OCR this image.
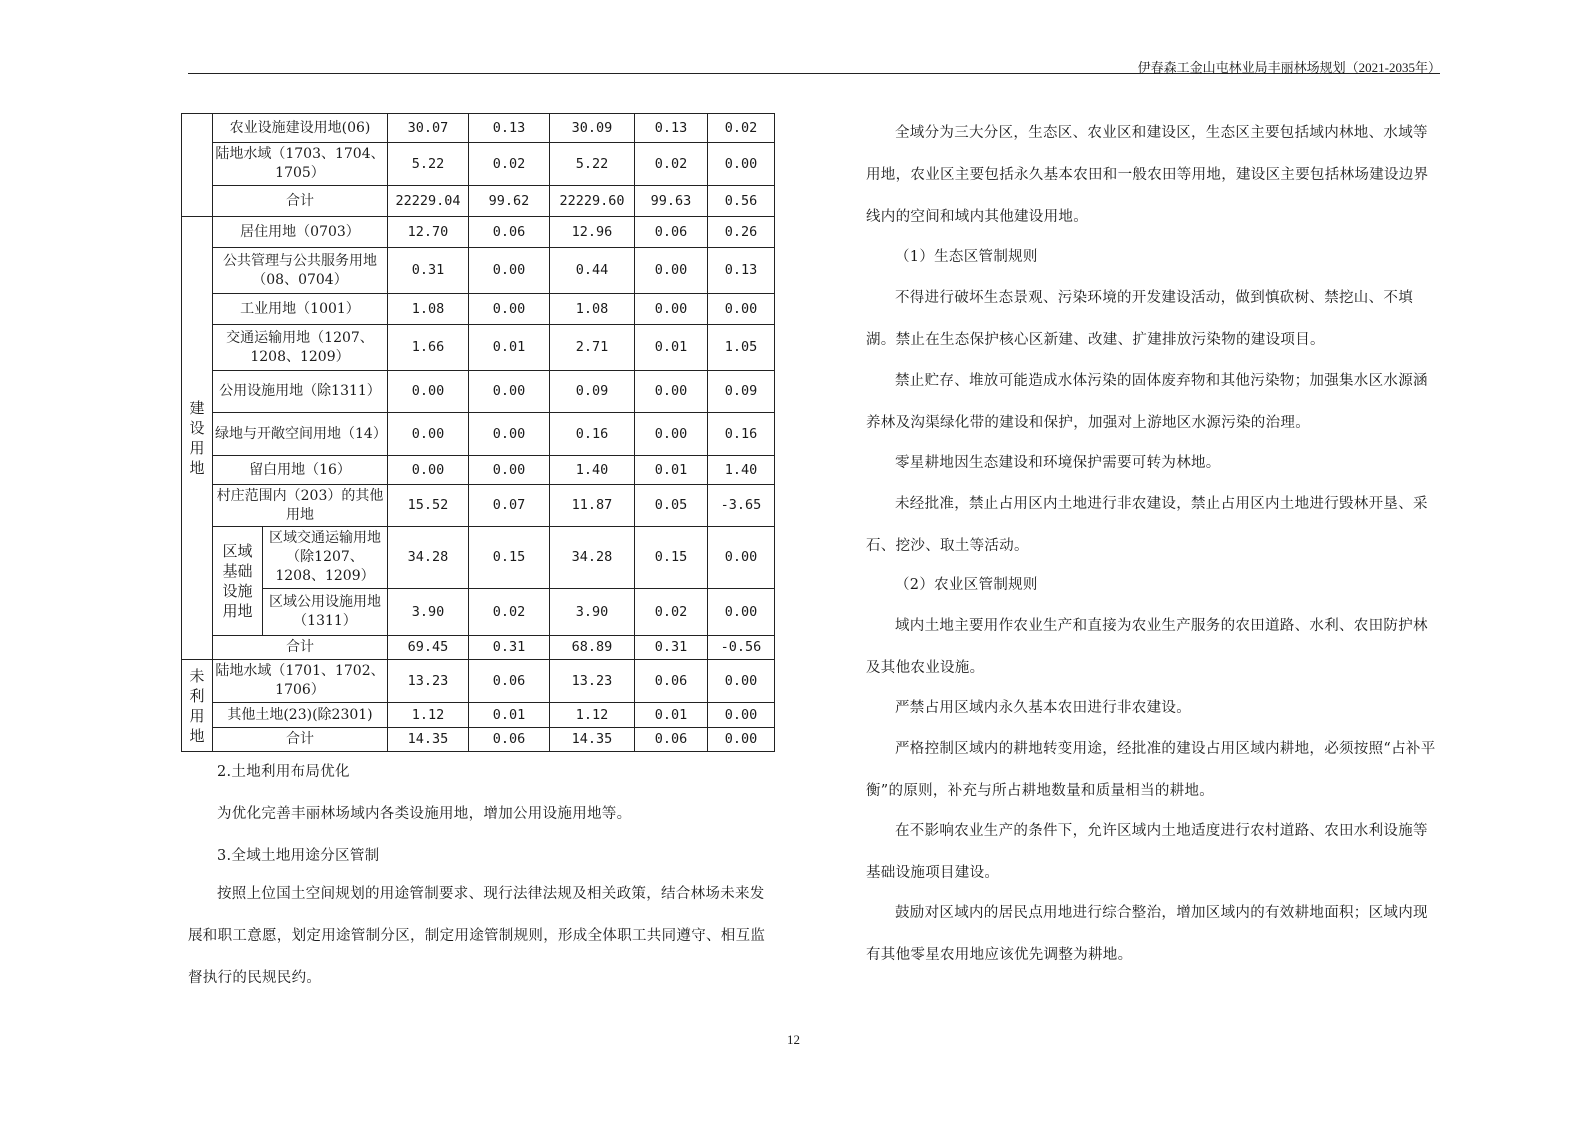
伊春森工金山屯林业局丰丽林场规划（2021-2035年）
	农业设施建设用地(06)		30.07	0.13	30.09	0.13	0.02
	陆地水域（1703、1704、1705）		5.22	0.02	5.22	0.02	0.00
	合计		22229.04	99.62	22229.60	99.63	0.56

建设用地	居住用地（0703）		12.70	0.06	12.96	0.06	0.26
	公共管理与公共服务用地（08、0704）		0.31	0.00	0.44	0.00	0.13
	工业用地（1001）		1.08	0.00	1.08	0.00	0.00
	交通运输用地（1207、1208、1209）		1.66	0.01	2.71	0.01	1.05
	公用设施用地（除1311）		0.00	0.00	0.09	0.00	0.09
	绿地与开敞空间用地（14）		0.00	0.00	0.16	0.00	0.16
	留白用地（16）		0.00	0.00	1.40	0.01	1.40
	村庄范围内（203）的其他用地		15.52	0.07	11.87	0.05	-3.65

	区域基础设施用地	区域交通运输用地（除1207、1208、1209）	34.28	0.15	34.28	0.15	0.00
		区域公用设施用地（1311）	3.90	0.02	3.90	0.02	0.00
	合计		69.45	0.31	68.89	0.31	-0.56

未利用地	陆地水域（1701、1702、1706）		13.23	0.06	13.23	0.06	0.00
	其他土地(23)(除2301)		1.12	0.01	1.12	0.01	0.00
	合计		14.35	0.06	14.35	0.06	0.00

2.土地利用布局优化

为优化完善丰丽林场域内各类设施用地，增加公用设施用地等。

3.全域土地用途分区管制

按照上位国土空间规划的用途管制要求、现行法律法规及相关政策，结合林场未来发展和职工意愿，划定用途管制分区，制定用途管制规则，形成全体职工共同遵守、相互监督执行的民规民约。

全域分为三大分区，生态区、农业区和建设区，生态区主要包括域内林地、水域等用地，农业区主要包括永久基本农田和一般农田等用地，建设区主要包括林场建设边界线内的空间和域内其他建设用地。

（1）生态区管制规则

不得进行破坏生态景观、污染环境的开发建设活动，做到慎砍树、禁挖山、不填湖。禁止在生态保护核心区新建、改建、扩建排放污染物的建设项目。

禁止贮存、堆放可能造成水体污染的固体废弃物和其他污染物；加强集水区水源涵养林及沟渠绿化带的建设和保护，加强对上游地区水源污染的治理。

零星耕地因生态建设和环境保护需要可转为林地。

未经批准，禁止占用区内土地进行非农建设，禁止占用区内土地进行毁林开垦、采石、挖沙、取土等活动。

（2）农业区管制规则

域内土地主要用作农业生产和直接为农业生产服务的农田道路、水利、农田防护林及其他农业设施。

严禁占用区域内永久基本农田进行非农建设。

严格控制区域内的耕地转变用途，经批准的建设占用区域内耕地，必须按照“占补平衡”的原则，补充与所占耕地数量和质量相当的耕地。

在不影响农业生产的条件下，允许区域内土地适度进行农村道路、农田水利设施等基础设施项目建设。

鼓励对区域内的居民点用地进行综合整治，增加区域内的有效耕地面积；区域内现有其他零星农用地应该优先调整为耕地。

12
